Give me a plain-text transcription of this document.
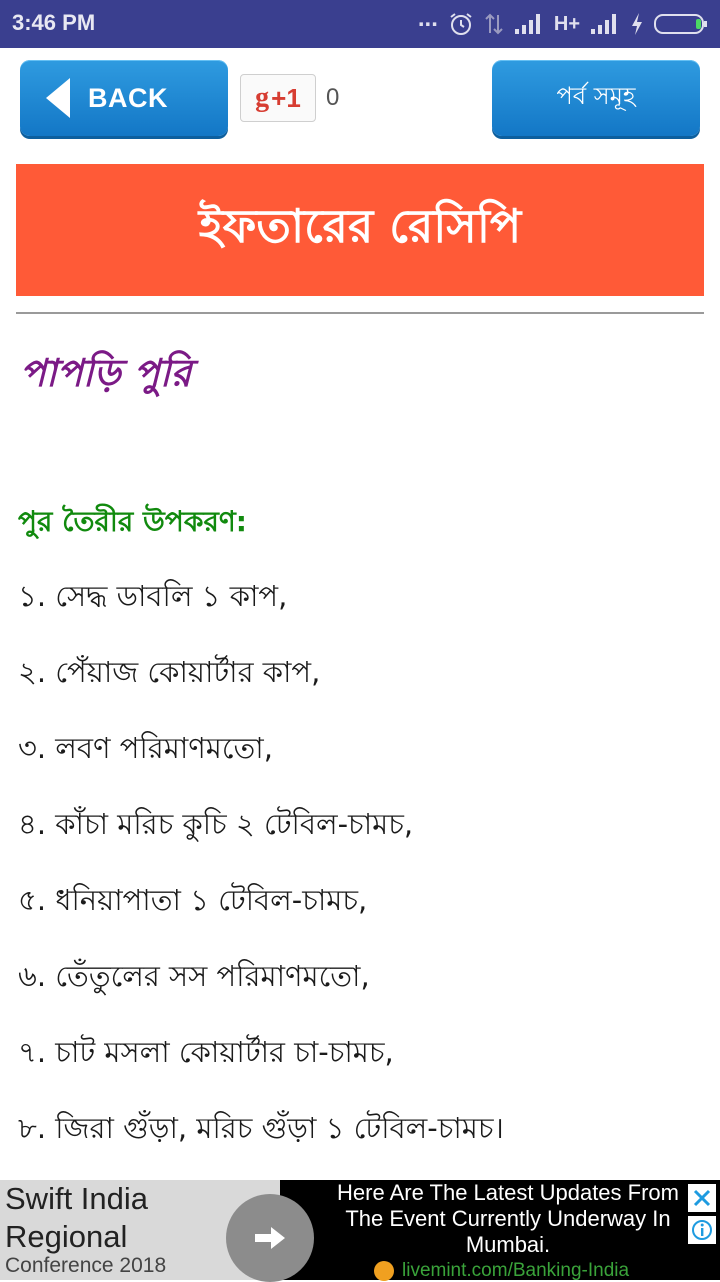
3:46 PM	...	H+
BACK	g +1 0	পর্ব সমূহ
ইফতারের রেসিপি
পাপড়ি পুরি
পুর তৈরীর উপকরণ:
১. সেদ্ধ ডাবলি ১ কাপ,
২. পেঁয়াজ কোয়ার্টার কাপ,
৩. লবণ পরিমাণমতো,
৪. কাঁচা মরিচ কুচি ২ টেবিল-চামচ,
৫. ধনিয়াপাতা ১ টেবিল-চামচ,
৬. তেঁতুলের সস পরিমাণমতো,
৭. চাট মসলা কোয়ার্টার চা-চামচ,
৮. জিরা গুঁড়া, মরিচ গুঁড়া ১ টেবিল-চামচ।
Swift India Regional
Conference 2018
Here Are The Latest Updates From The Event Currently Underway In Mumbai.
livemint.com/Banking-India
